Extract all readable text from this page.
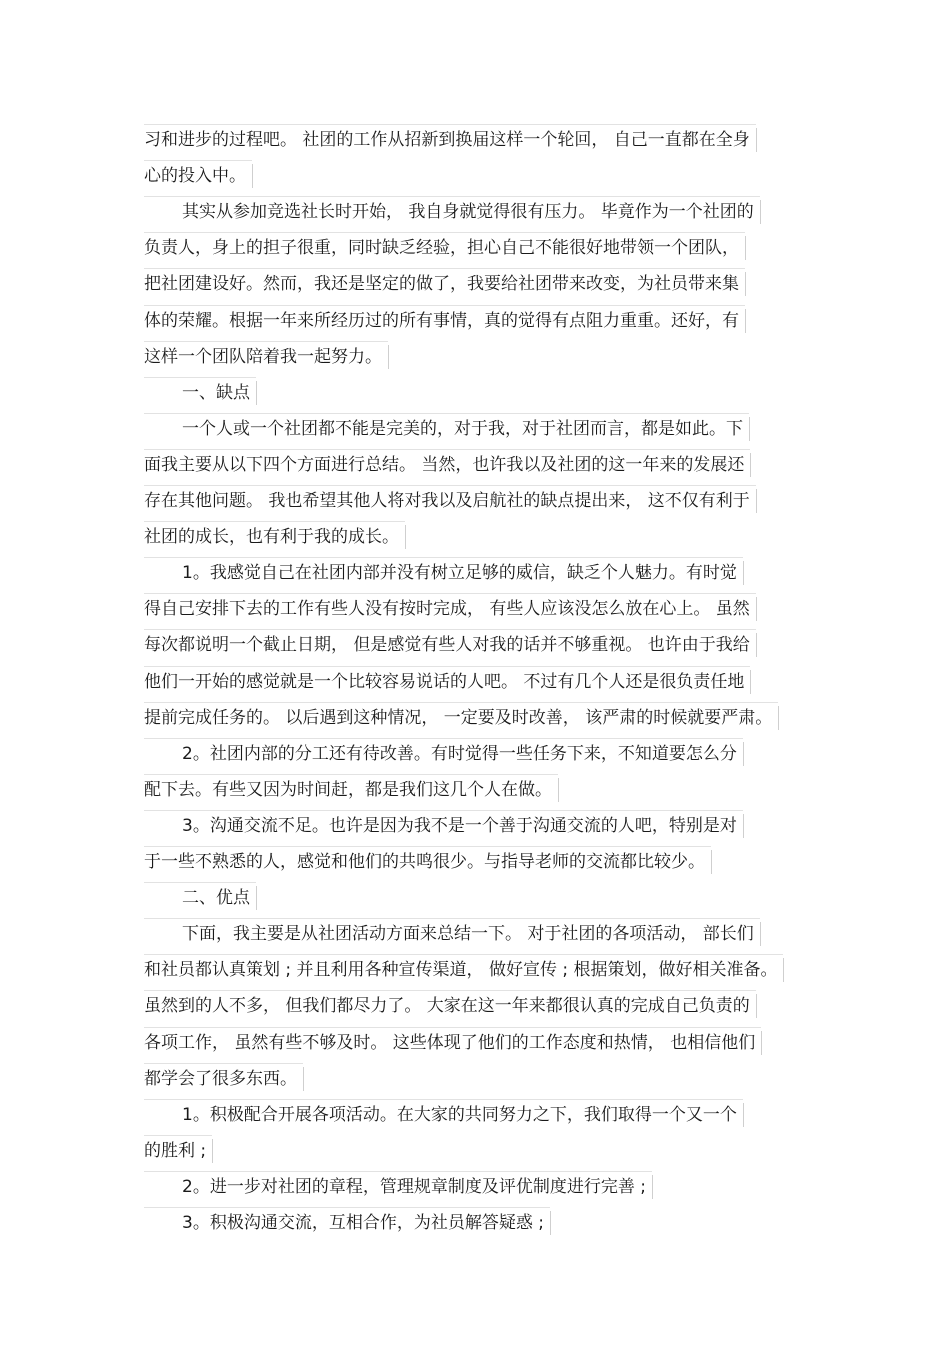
习和进步的过程吧。 社团的工作从招新到换届这样一个轮回， 自己一直都在全身
心的投入中。
其实从参加竞选社长时开始， 我自身就觉得很有压力。 毕竟作为一个社团的
负责人，身上的担子很重，同时缺乏经验，担心自己不能很好地带领一个团队，
把社团建设好。然而，我还是坚定的做了，我要给社团带来改变，为社员带来集
体的荣耀。根据一年来所经历过的所有事情，真的觉得有点阻力重重。还好，有
这样一个团队陪着我一起努力。
一、缺点
一个人或一个社团都不能是完美的，对于我，对于社团而言，都是如此。下
面我主要从以下四个方面进行总结。 当然，也许我以及社团的这一年来的发展还
存在其他问题。 我也希望其他人将对我以及启航社的缺点提出来， 这不仅有利于
社团的成长，也有利于我的成长。
1。我感觉自己在社团内部并没有树立足够的威信，缺乏个人魅力。有时觉
得自己安排下去的工作有些人没有按时完成， 有些人应该没怎么放在心上。 虽然
每次都说明一个截止日期， 但是感觉有些人对我的话并不够重视。 也许由于我给
他们一开始的感觉就是一个比较容易说话的人吧。 不过有几个人还是很负责任地
提前完成任务的。 以后遇到这种情况， 一定要及时改善， 该严肃的时候就要严肃。
2。社团内部的分工还有待改善。有时觉得一些任务下来，不知道要怎么分
配下去。有些又因为时间赶，都是我们这几个人在做。
3。沟通交流不足。也许是因为我不是一个善于沟通交流的人吧，特别是对
于一些不熟悉的人，感觉和他们的共鸣很少。与指导老师的交流都比较少。
二、优点
下面，我主要是从社团活动方面来总结一下。 对于社团的各项活动， 部长们
和社员都认真策划 ; 并且利用各种宣传渠道， 做好宣传 ; 根据策划，做好相关准备。
虽然到的人不多， 但我们都尽力了。 大家在这一年来都很认真的完成自己负责的
各项工作， 虽然有些不够及时。 这些体现了他们的工作态度和热情， 也相信他们
都学会了很多东西。
1。积极配合开展各项活动。在大家的共同努力之下，我们取得一个又一个
的胜利 ;
2。进一步对社团的章程，管理规章制度及评优制度进行完善 ;
3。积极沟通交流，互相合作，为社员解答疑惑 ;
